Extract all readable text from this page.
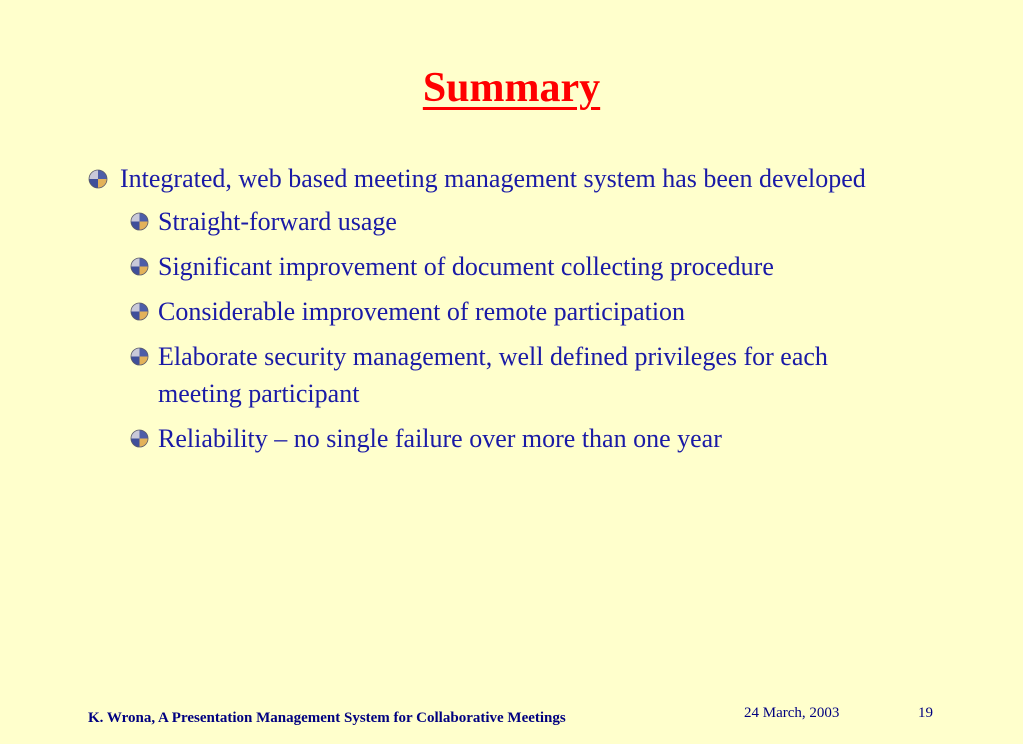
Summary
Integrated, web based meeting management system has been developed
Straight-forward usage
Significant improvement of document collecting procedure
Considerable improvement of remote participation
Elaborate security management, well defined privileges for each meeting participant
Reliability – no single failure over more than one year
K. Wrona, A Presentation Management System for Collaborative Meetings	24 March, 2003	19
